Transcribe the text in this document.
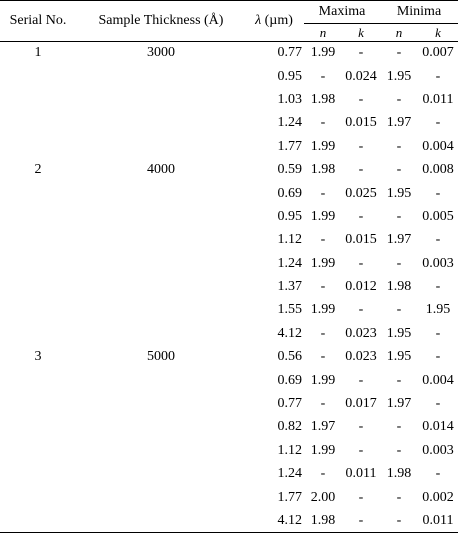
Serial No.	Sample Thickness (Å)	λ (µm)	Maxima		Minima	
			n	k	n	k
1	3000	0.77	1.99	-	-	0.007
		0.95	-	0.024	1.95	-
		1.03	1.98	-	-	0.011
		1.24	-	0.015	1.97	-
		1.77	1.99	-	-	0.004
2	4000	0.59	1.98	-	-	0.008
		0.69	-	0.025	1.95	-
		0.95	1.99	-	-	0.005
		1.12	-	0.015	1.97	-
		1.24	1.99	-	-	0.003
		1.37	-	0.012	1.98	-
		1.55	1.99	-	-	1.95
		4.12	-	0.023	1.95	-
3	5000	0.56	-	0.023	1.95	-
		0.69	1.99	-	-	0.004
		0.77	-	0.017	1.97	-
		0.82	1.97	-	-	0.014
		1.12	1.99	-	-	0.003
		1.24	-	0.011	1.98	-
		1.77	2.00	-	-	0.002
		4.12	1.98	-	-	0.011
